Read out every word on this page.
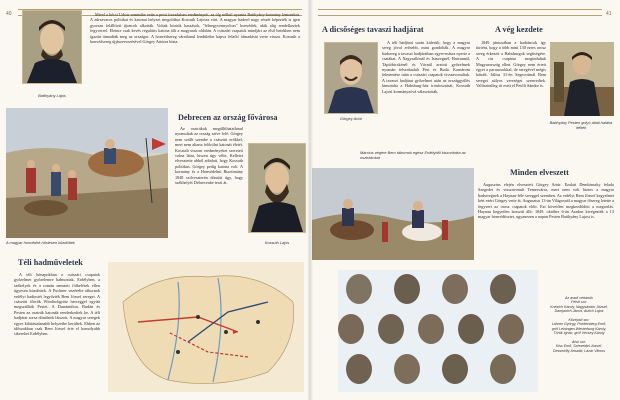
40
Batthyány Lajos

Mivel a bécsi Udvar semmibe vette a pesti forradalom eredményeit, az ülg nélkül nyomta Batthyány-kormány lemondott. A zűrzavaros politikai és katonai helyzet megoldása Kossuth Lajosra várt. A magyar haderő nagy részét képezték is igen gyorsan felállított újoncok alkották. Voltak köztük kaszások, "félnegyvennyolcas" honvédek, akik alig rendelkeztek fegyverrel. Eleinte csak kevés reguláris katona állt a magyarok oldalán. A császári csapatok mindjárt az első hetekben nem igazán támadták meg az országot. A honvédsereg váratlanul lendületbe kapva Jelačić támadását verte vissza. Kossuth a honvédsereg újjászervezésével Görgey Artúrra bízta.

A magyar honvédek hősiesen küzdöttek
Debrecen az ország fővárosa

Az osztrákok megállíthatatlanul nyomultak az ország szíve felé: Görgey nem szállt szembe a császári erőkkel, mert nem akarta felőrölni katonái életét. Kossuth viszont eredményeket szeretett volna látni, hiszen úgy vélte, Kelletet elvesztette abból adódott, hogy Kossuth politikus. Görgey pedig katona volt. A kormány és a Honvédelmi Bizottmány 1848 szilveszterén döntött úgy, hogy székhelyét Debrecenbe teszi át.

Kossuth Lajos
Téli hadműveletek

A téli hónapokban a császári csapatok győzelmet győzelemre halmoztak. Erdélyben, a székelyek és a román nemzeti fölkelések ellen ügyesen küzdöttek. A Puchner vezérelte tábornok erdélyi hadtestét legyőzték Bem József seregei. A császári főerők Windischgrätz herceggel együtt megszállták Pestet. A Dunántúlon, Budán és Pesten az osztrák katonák rendezkedtek be. A téli hadjárat sorsa döntőnek látszott. A magyar seregek egyre kilátástalanabb helyzetbe kerültek. Ebben az időszakban csak Bem József érte el komolyabb sikereket Erdélyben.

41
A dicsőséges tavaszi hadjárat
Görgey Artúr

A téli hadjárat során kiderült, hogy a magyar sereg jóval erősebb, mint gondolták. A magyar hadsereg a tavaszi hadjáratban egyre-másra nyerte a csatákat. A Nagysallónál és Isaszegnél, Hatvannál, Tápióbicskénél és Vácnál aratott győzelmek nyomán felszabadult Pest és Buda. Komárom felmentése után a császári csapatok visszavonultak. A tavaszi hadjárat győzelmei után az országgyűlés kimondta a Habsburg-ház trónfosztását, Kossuth Lajost kormányzóvá választották.

A vég kezdete

1849 júniusában a hadtáncok így történt, hogy a több mint 130 ezres orosz sereg érkezett a Habsburgok segítségére. A cár csapatai megindultak Magyarország ellen. Görgey nem értett egyet a parancsokkal, de seregével mégis hátrált. Július 31-én Segesvárnál Bem seregei súlyos vereséget szenvedtek. Valószínűleg itt esett el Petőfi Sándor is.

Batthyány Pesten golyó általi halálra ítélték
Március végére Bem tábornok egész Erdélyből kiszorította az osztrákokat
Minden elveszett

Augusztus elején elvesztett Görgey Artúr. Ezalatt Dembinszky felada Szegedet és visszavonult Temesvárra, mert nem volt biztos a magyar hadseregnek a Haynau-féle sereggel szemben. Az erdélyi Bem József kegyelmet kért ezért Görgey vette át. Augusztus 13-án Világosnál a magyar fősereg letette a fegyvert az orosz csapatok előtt. Ezt követően megkezdődött a megtorlás. Haynau kegyetlen bosszút állt: 1849. október 6-án Aradon kivégezték a 13 magyar honvédtisztet, ugyanezen a napon Pesten Batthyány Lajost is.

Az aradi vértanúk
Felső sor:
Knézich Károly, Nagysándor József,
Damjanich János, Aulich Lajos

Középső sor:
Lahner György, Poeltenberg Ernő,
gróf Leiningen-Westerburg Károly,
Török Ignác, gróf Vécsey Károly

Alsó sor:
Kiss Ernő, Schweidel József,
Dessewffy Arisztid, Lázár Vilmos
